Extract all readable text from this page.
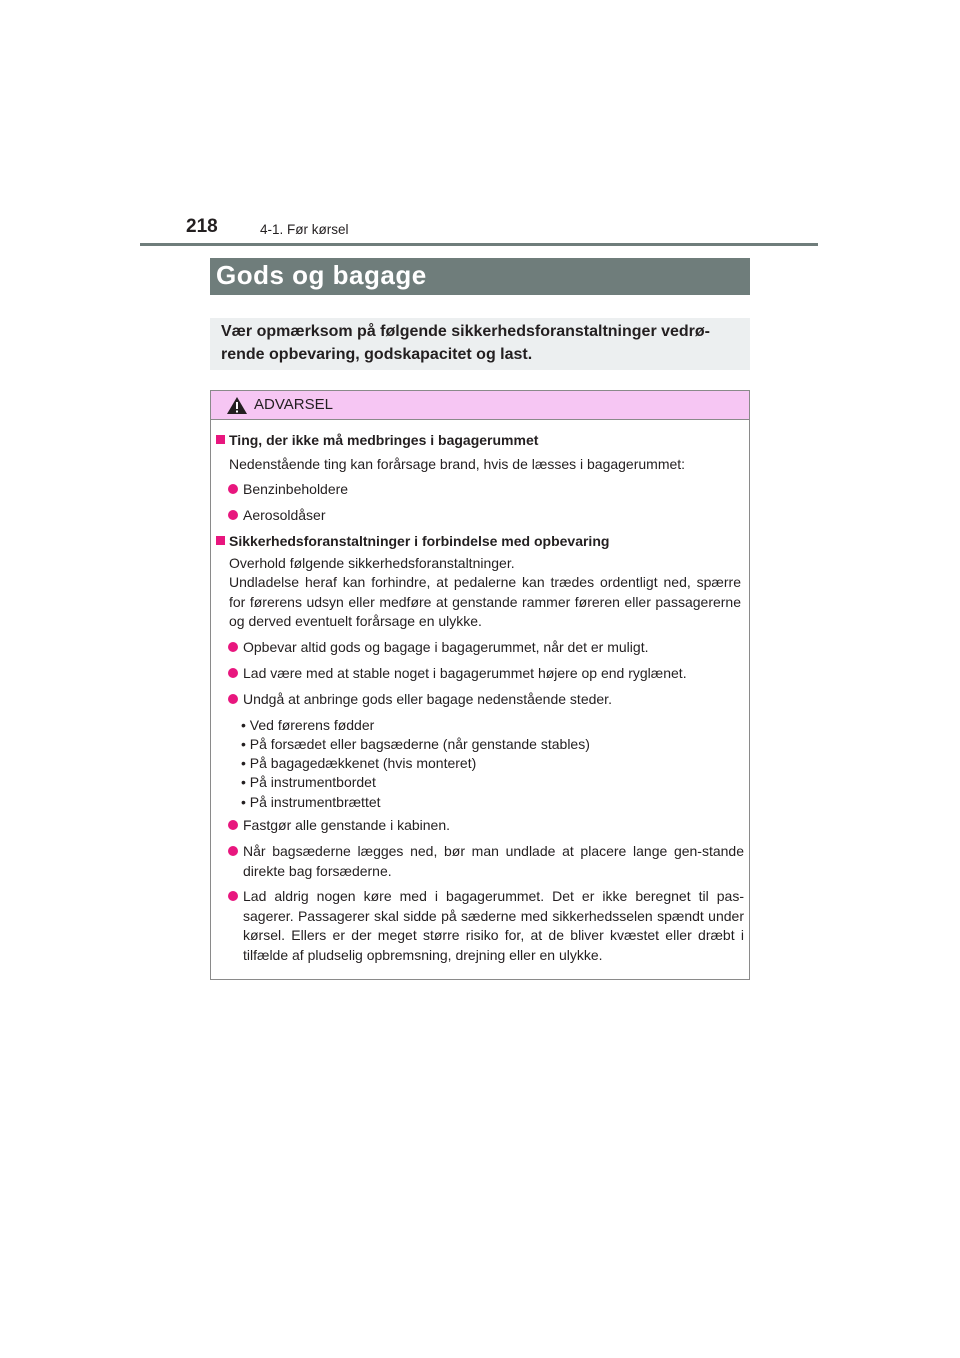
218	4-1. Før kørsel
Gods og bagage
Vær opmærksom på følgende sikkerhedsforanstaltninger vedrø-rende opbevaring, godskapacitet og last.
ADVARSEL
Ting, der ikke må medbringes i bagagerummet
Nedenstående ting kan forårsage brand, hvis de læsses i bagagerummet:
Benzinbeholdere
Aerosoldåser
Sikkerhedsforanstaltninger i forbindelse med opbevaring
Overhold følgende sikkerhedsforanstaltninger.
Undladelse heraf kan forhindre, at pedalerne kan trædes ordentligt ned, spærre for førerens udsyn eller medføre at genstande rammer føreren eller passagererne og derved eventuelt forårsage en ulykke.
Opbevar altid gods og bagage i bagagerummet, når det er muligt.
Lad være med at stable noget i bagagerummet højere op end ryglænet.
Undgå at anbringe gods eller bagage nedenstående steder.
• Ved førerens fødder
• På forsædet eller bagsæderne (når genstande stables)
• På bagagedækkenet (hvis monteret)
• På instrumentbordet
• På instrumentbrættet
Fastgør alle genstande i kabinen.
Når bagsæderne lægges ned, bør man undlade at placere lange gen-stande direkte bag forsæderne.
Lad aldrig nogen køre med i bagagerummet. Det er ikke beregnet til pas-sagerer. Passagerer skal sidde på sæderne med sikkerhedsselen spændt under kørsel. Ellers er der meget større risiko for, at de bliver kvæstet eller dræbt i tilfælde af pludselig opbremsning, drejning eller en ulykke.
